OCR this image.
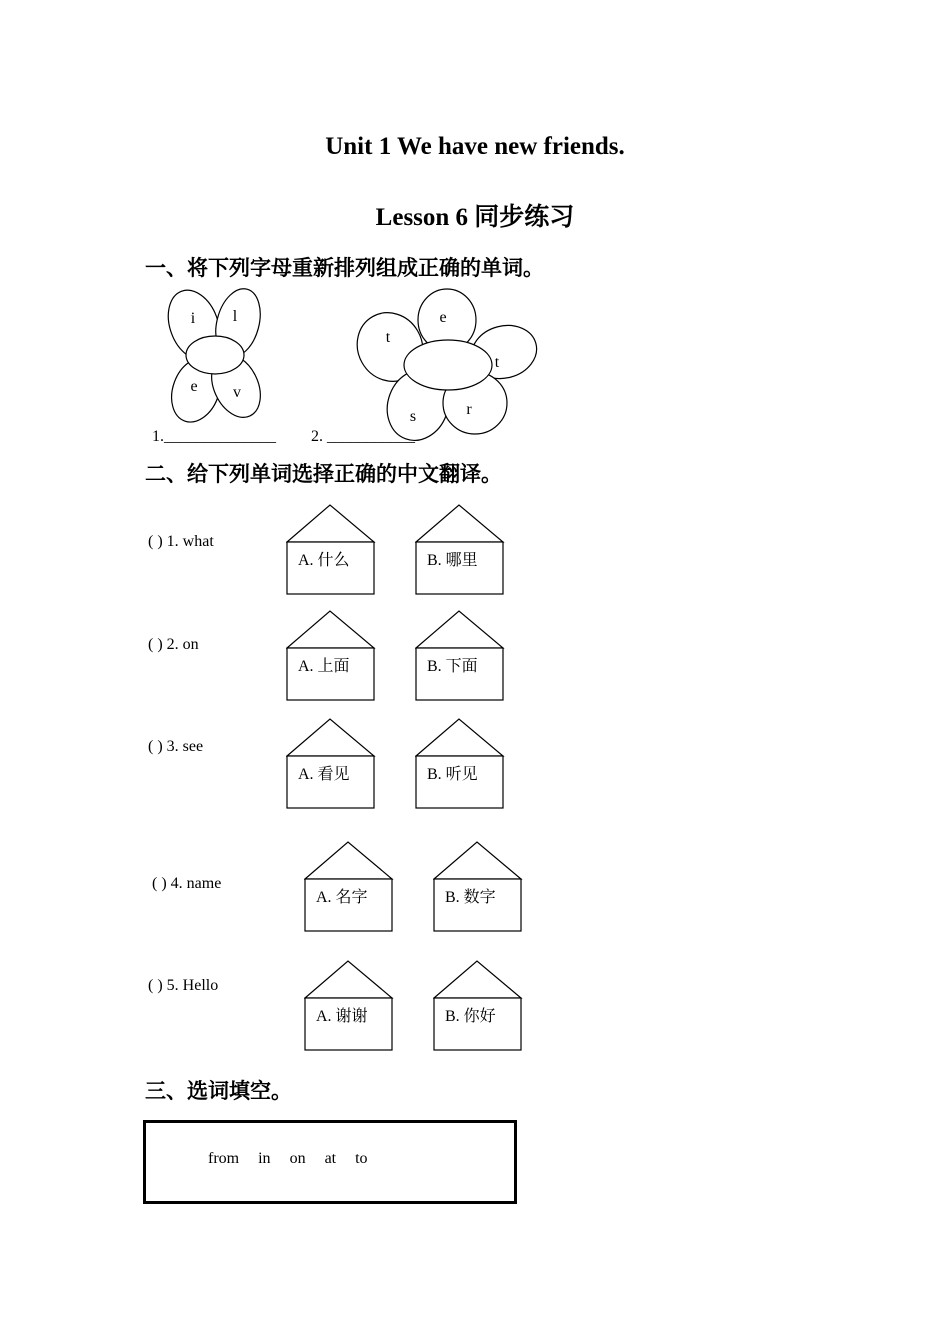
Unit 1 We have new friends.
Lesson 6 同步练习
一、将下列字母重新排列组成正确的单词。
i l
e v
e
t
t
s	r
1.______________ 2. ___________
二、给下列单词选择正确的中文翻译。
( ) 1. what
A. 什么	B. 哪里
( ) 2. on
A. 上面	B. 下面
( ) 3. see
A. 看见	B. 听见
( ) 4. name
A. 名字	B. 数字
( ) 5. Hello
A. 谢谢	B. 你好
三、选词填空。
from in on at to
